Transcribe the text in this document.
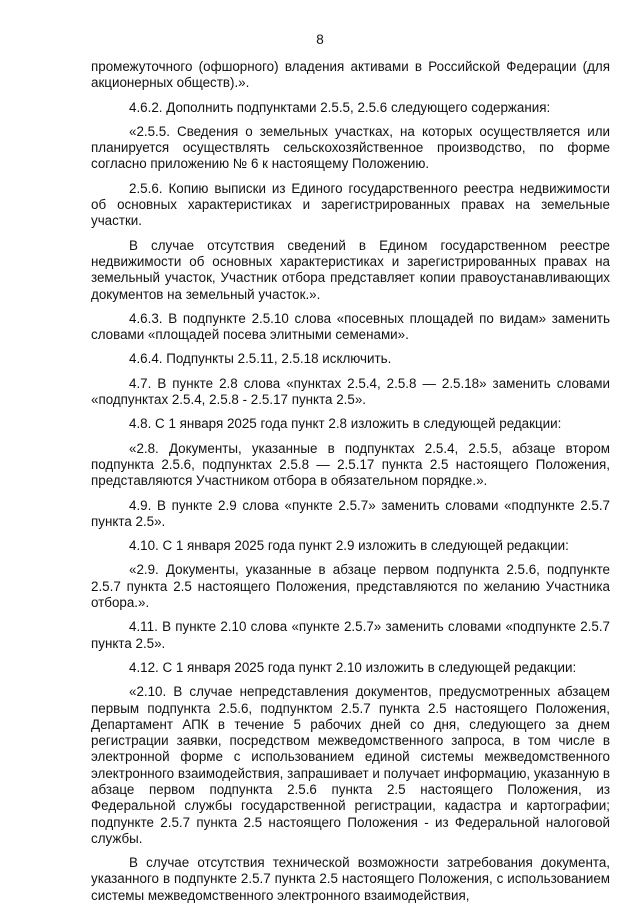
8

промежуточного (офшорного) владения активами в Российской Федерации (для акционерных обществ).».

4.6.2. Дополнить подпунктами 2.5.5, 2.5.6 следующего содержания:

«2.5.5. Сведения о земельных участках, на которых осуществляется или планируется осуществлять сельскохозяйственное производство, по форме согласно приложению № 6 к настоящему Положению.

2.5.6. Копию выписки из Единого государственного реестра недвижимости об основных характеристиках и зарегистрированных правах на земельные участки.

В случае отсутствия сведений в Едином государственном реестре недвижимости об основных характеристиках и зарегистрированных правах на земельный участок, Участник отбора представляет копии правоустанавливающих документов на земельный участок.».

4.6.3. В подпункте 2.5.10 слова «посевных площадей по видам» заменить словами «площадей посева элитными семенами».

4.6.4. Подпункты 2.5.11, 2.5.18 исключить.

4.7. В пункте 2.8 слова «пунктах 2.5.4, 2.5.8 — 2.5.18» заменить словами «подпунктах 2.5.4, 2.5.8 - 2.5.17 пункта 2.5».

4.8. С 1 января 2025 года пункт 2.8 изложить в следующей редакции:

«2.8. Документы, указанные в подпунктах 2.5.4, 2.5.5, абзаце втором подпункта 2.5.6, подпунктах 2.5.8 — 2.5.17 пункта 2.5 настоящего Положения, представляются Участником отбора в обязательном порядке.».

4.9. В пункте 2.9 слова «пункте 2.5.7» заменить словами «подпункте 2.5.7 пункта 2.5».

4.10. С 1 января 2025 года пункт 2.9 изложить в следующей редакции:

«2.9. Документы, указанные в абзаце первом подпункта 2.5.6, подпункте 2.5.7 пункта 2.5 настоящего Положения, представляются по желанию Участника отбора.».

4.11. В пункте 2.10 слова «пункте 2.5.7» заменить словами «подпункте 2.5.7 пункта 2.5».

4.12. С 1 января 2025 года пункт 2.10 изложить в следующей редакции:

«2.10. В случае непредставления документов, предусмотренных абзацем первым подпункта 2.5.6, подпунктом 2.5.7 пункта 2.5 настоящего Положения, Департамент АПК в течение 5 рабочих дней со дня, следующего за днем регистрации заявки, посредством межведомственного запроса, в том числе в электронной форме с использованием единой системы межведомственного электронного взаимодействия, запрашивает и получает информацию, указанную в абзаце первом подпункта 2.5.6 пункта 2.5 настоящего Положения, из Федеральной службы государственной регистрации, кадастра и картографии; подпункте 2.5.7 пункта 2.5 настоящего Положения - из Федеральной налоговой службы.

В случае отсутствия технической возможности затребования документа, указанного в подпункте 2.5.7 пункта 2.5 настоящего Положения, с использованием системы межведомственного электронного взаимодействия,
